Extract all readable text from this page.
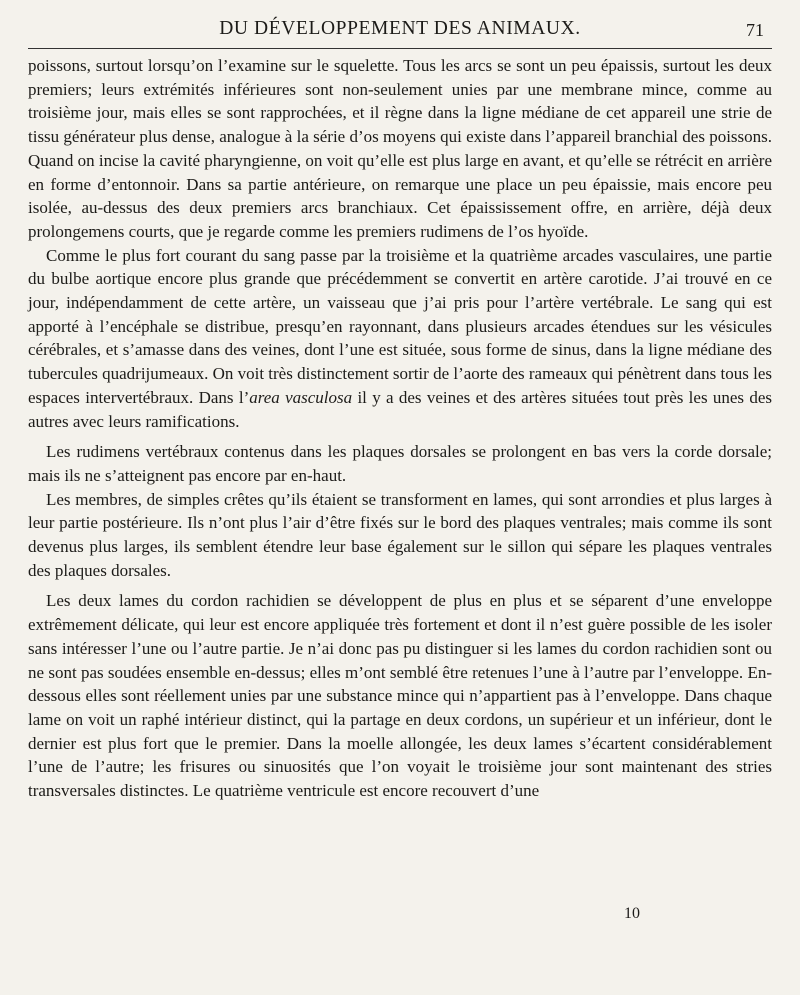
DU DÉVELOPPEMENT DES ANIMAUX.	71

poissons, surtout lorsqu’on l’examine sur le squelette. Tous les arcs se sont un peu épaissis, surtout les deux premiers; leurs extrémités inférieures sont non-seulement unies par une membrane mince, comme au troisième jour, mais elles se sont rapprochées, et il règne dans la ligne médiane de cet appareil une strie de tissu générateur plus dense, analogue à la série d’os moyens qui existe dans l’appareil branchial des poissons. Quand on incise la cavité pharyngienne, on voit qu’elle est plus large en avant, et qu’elle se rétrécit en arrière en forme d’entonnoir. Dans sa partie antérieure, on remarque une place un peu épaissie, mais encore peu isolée, au-dessus des deux premiers arcs branchiaux. Cet épaississement offre, en arrière, déjà deux prolongemens courts, que je regarde comme les premiers rudimens de l’os hyoïde.

Comme le plus fort courant du sang passe par la troisième et la quatrième arcades vasculaires, une partie du bulbe aortique encore plus grande que précédemment se convertit en artère carotide. J’ai trouvé en ce jour, indépendamment de cette artère, un vaisseau que j’ai pris pour l’artère vertébrale. Le sang qui est apporté à l’encéphale se distribue, presqu’en rayonnant, dans plusieurs arcades étendues sur les vésicules cérébrales, et s’amasse dans des veines, dont l’une est située, sous forme de sinus, dans la ligne médiane des tubercules quadrijumeaux. On voit très distinctement sortir de l’aorte des rameaux qui pénètrent dans tous les espaces intervertébraux. Dans l’area vasculosa il y a des veines et des artères situées tout près les unes des autres avec leurs ramifications.

Les rudimens vertébraux contenus dans les plaques dorsales se prolongent en bas vers la corde dorsale; mais ils ne s’atteignent pas encore par en-haut.

Les membres, de simples crêtes qu’ils étaient se transforment en lames, qui sont arrondies et plus larges à leur partie postérieure. Ils n’ont plus l’air d’être fixés sur le bord des plaques ventrales; mais comme ils sont devenus plus larges, ils semblent étendre leur base également sur le sillon qui sépare les plaques ventrales des plaques dorsales.

Les deux lames du cordon rachidien se développent de plus en plus et se séparent d’une enveloppe extrêmement délicate, qui leur est encore appliquée très fortement et dont il n’est guère possible de les isoler sans intéresser l’une ou l’autre partie. Je n’ai donc pas pu distinguer si les lames du cordon rachidien sont ou ne sont pas soudées ensemble en-dessus; elles m’ont semblé être retenues l’une à l’autre par l’enveloppe. En-dessous elles sont réellement unies par une substance mince qui n’appartient pas à l’enveloppe. Dans chaque lame on voit un raphé intérieur distinct, qui la partage en deux cordons, un supérieur et un inférieur, dont le dernier est plus fort que le premier. Dans la moelle allongée, les deux lames s’écartent considérablement l’une de l’autre; les frisures ou sinuosités que l’on voyait le troisième jour sont maintenant des stries transversales distinctes. Le quatrième ventricule est encore recouvert d’une

10
